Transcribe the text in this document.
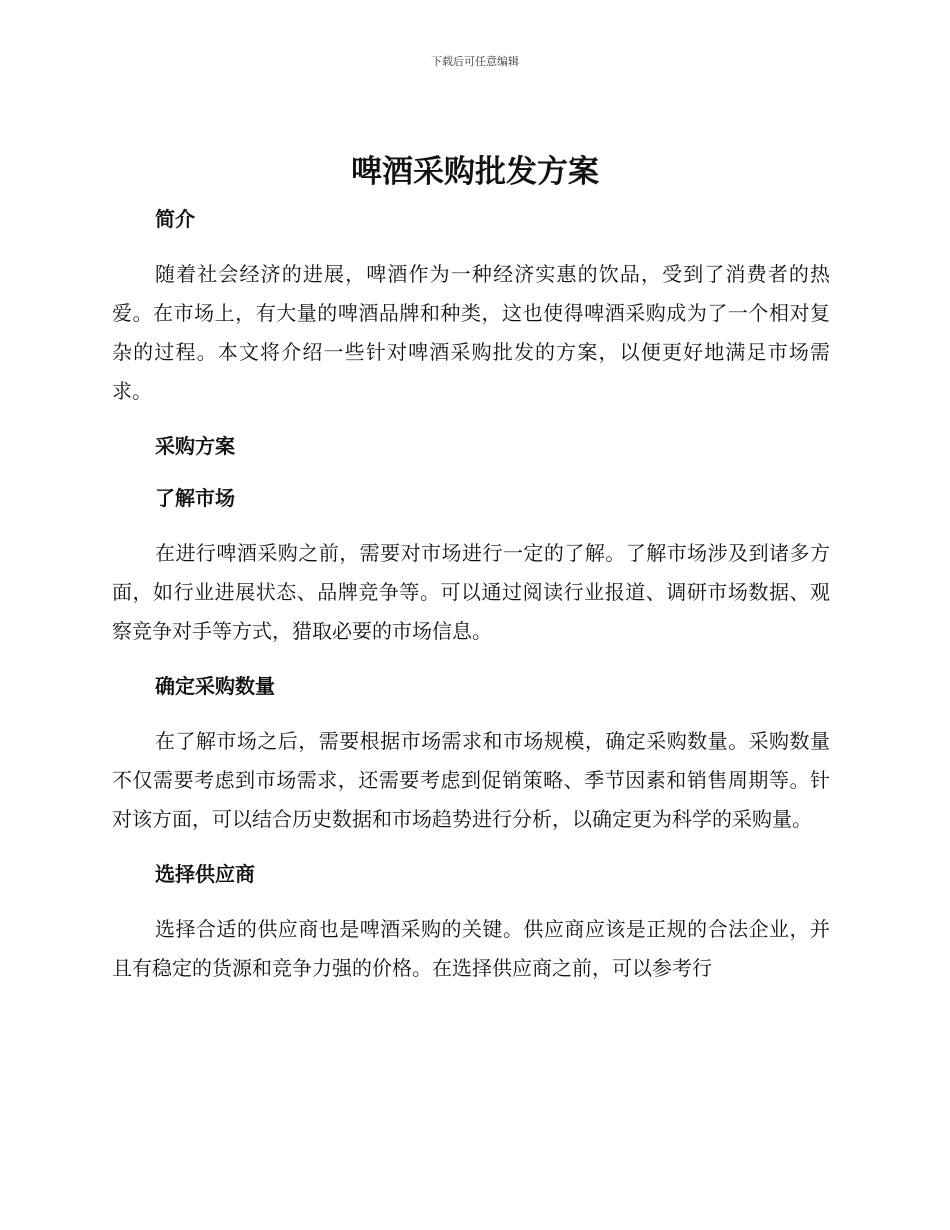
下载后可任意编辑
啤酒采购批发方案
简介

随着社会经济的进展，啤酒作为一种经济实惠的饮品，受到了消费者的热爱。在市场上，有大量的啤酒品牌和种类，这也使得啤酒采购成为了一个相对复杂的过程。本文将介绍一些针对啤酒采购批发的方案，以便更好地满足市场需求。

采购方案
了解市场

在进行啤酒采购之前，需要对市场进行一定的了解。了解市场涉及到诸多方面，如行业进展状态、品牌竞争等。可以通过阅读行业报道、调研市场数据、观察竞争对手等方式，猎取必要的市场信息。

确定采购数量

在了解市场之后，需要根据市场需求和市场规模，确定采购数量。采购数量不仅需要考虑到市场需求，还需要考虑到促销策略、季节因素和销售周期等。针对该方面，可以结合历史数据和市场趋势进行分析，以确定更为科学的采购量。

选择供应商

选择合适的供应商也是啤酒采购的关键。供应商应该是正规的合法企业，并且有稳定的货源和竞争力强的价格。在选择供应商之前，可以参考行
